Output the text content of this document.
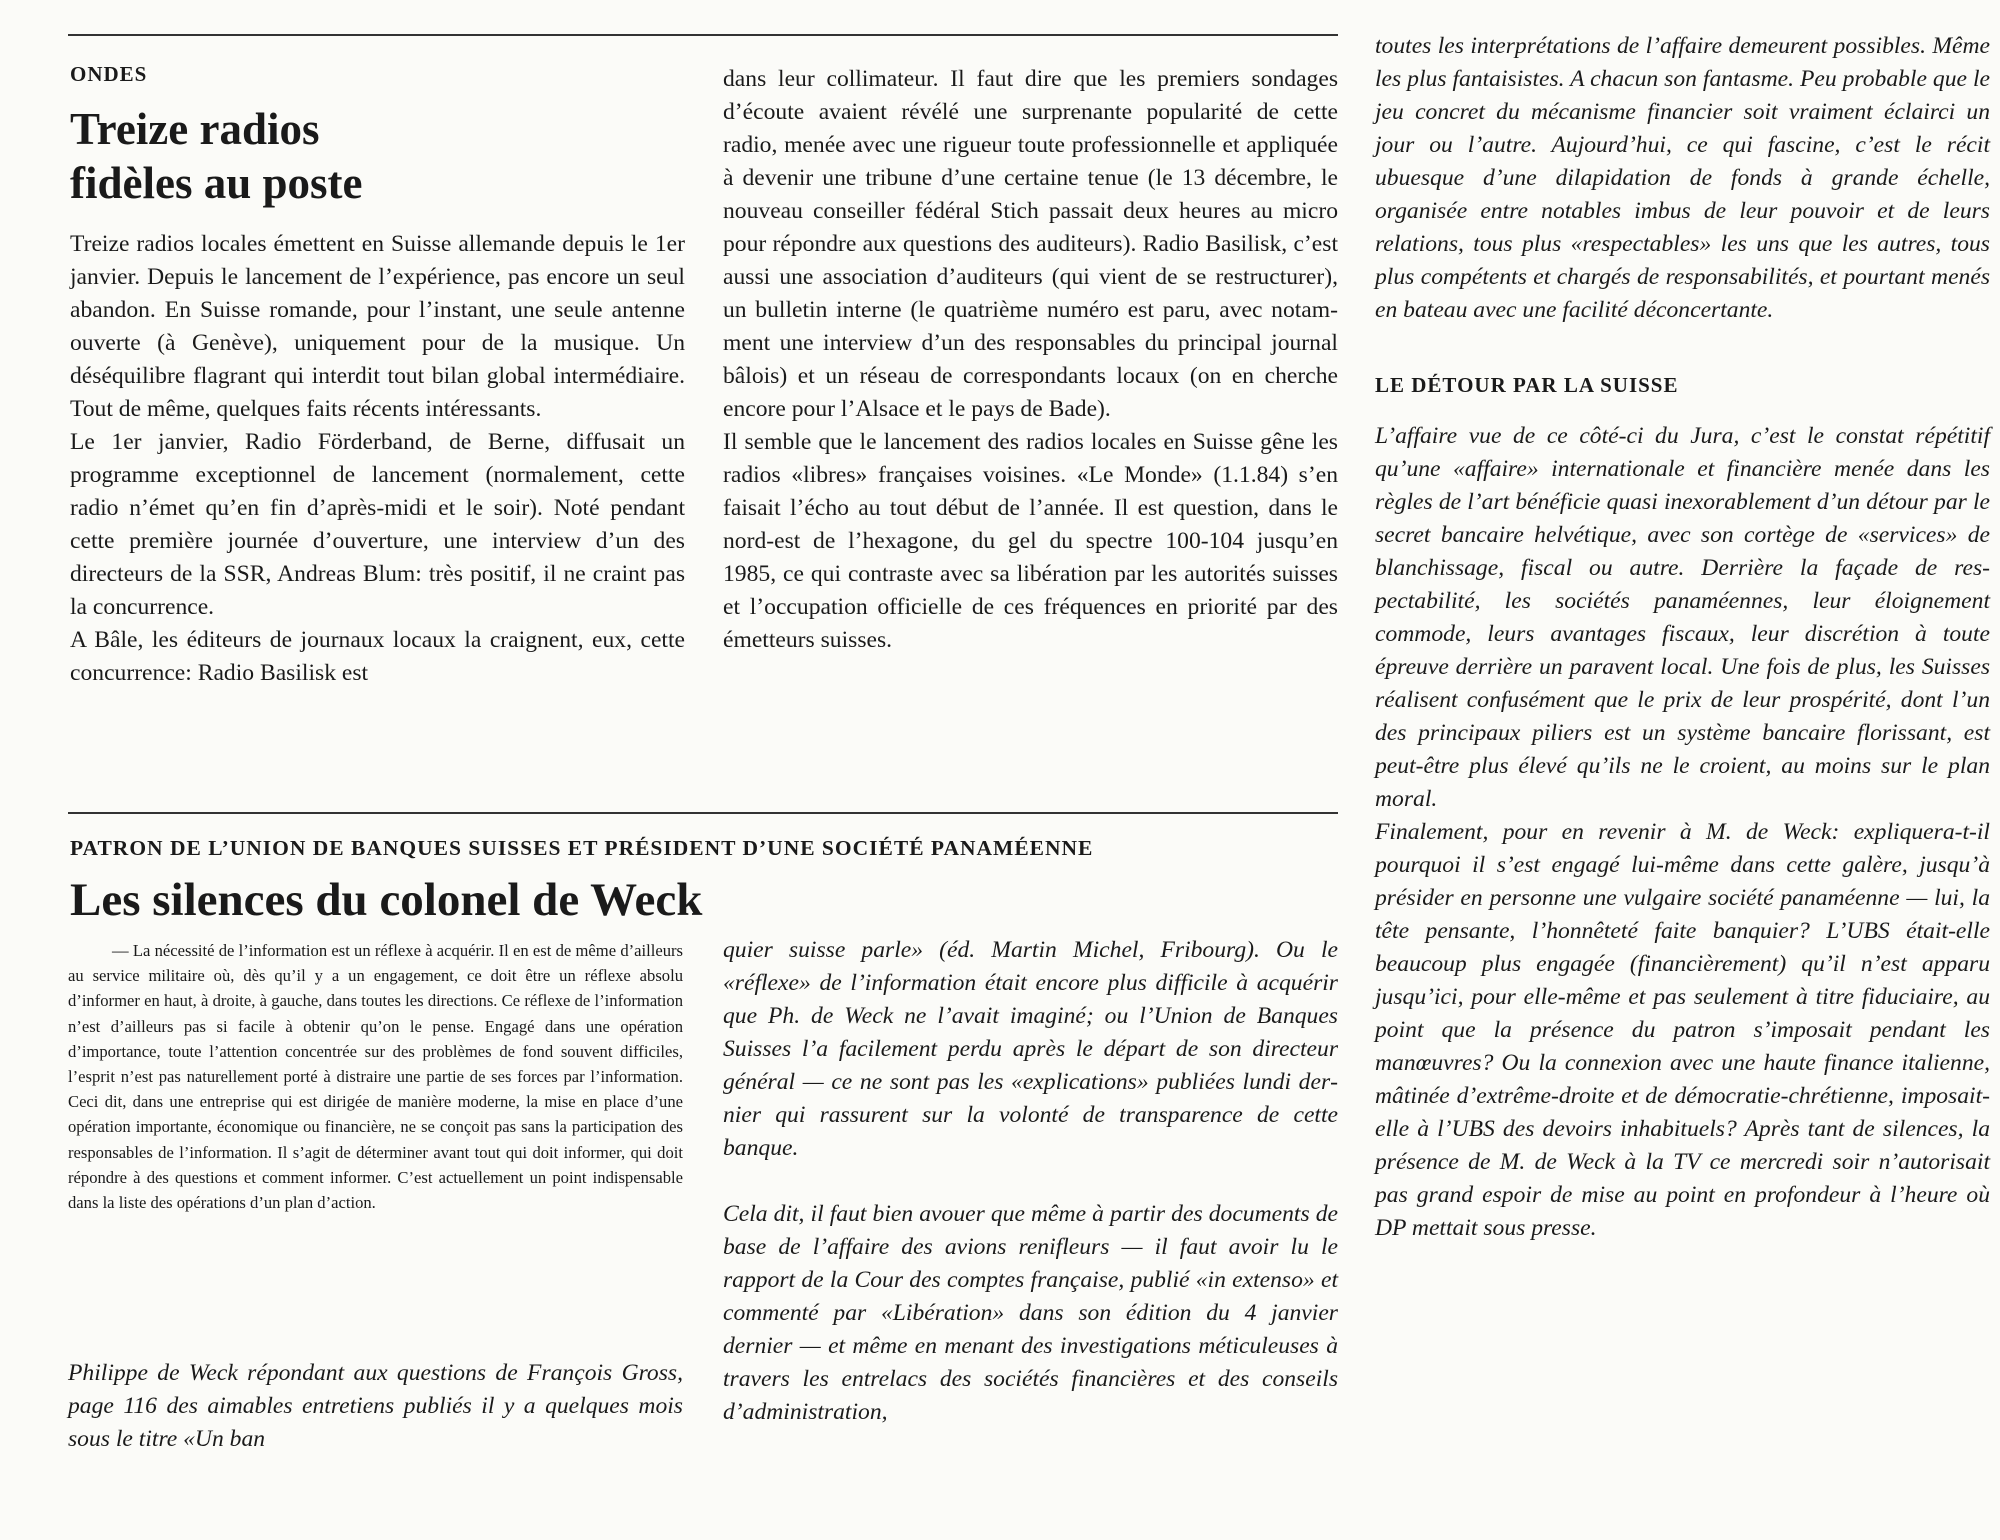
ONDES
Treize radios
fidèles au poste

Treize radios locales émettent en Suisse allemande depuis le 1er janvier. Depuis le lancement de l’expérience, pas encore un seul abandon. En Suisse romande, pour l’instant, une seule antenne ouverte (à Genève), uniquement pour de la musique. Un déséquilibre flagrant qui interdit tout bilan global intermédiaire. Tout de même, quelques faits récents intéressants.

Le 1er janvier, Radio Förderband, de Berne, diffusait un programme exceptionnel de lancement (normalement, cette radio n’émet qu’en fin d’après-midi et le soir). Noté pendant cette première journée d’ouverture, une interview d’un des directeurs de la SSR, Andreas Blum: très positif, il ne craint pas la concurrence.

A Bâle, les éditeurs de journaux locaux la craignent, eux, cette concurrence: Radio Basilisk est

dans leur collimateur. Il faut dire que les premiers sondages d’écoute avaient révélé une surprenante popularité de cette radio, menée avec une rigueur toute professionnelle et appliquée à devenir une tribune d’une certaine tenue (le 13 décembre, le nouveau conseiller fédéral Stich passait deux heures au micro pour répondre aux questions des auditeurs). Radio Basilisk, c’est aussi une association d’auditeurs (qui vient de se restructurer), un bulletin interne (le quatrième numéro est paru, avec notamment une interview d’un des responsables du principal journal bâlois) et un réseau de correspondants locaux (on en cherche encore pour l’Alsace et le pays de Bade).

Il semble que le lancement des radios locales en Suisse gêne les radios «libres» françaises voisines. «Le Monde» (1.1.84) s’en faisait l’écho au tout début de l’année. Il est question, dans le nord-est de l’hexagone, du gel du spectre 100-104 jusqu’en 1985, ce qui contraste avec sa libération par les autorités suisses et l’occupation officielle de ces fréquences en priorité par des émetteurs suisses.

PATRON DE L’UNION DE BANQUES SUISSES ET PRÉSIDENT D’UNE SOCIÉTÉ PANAMÉENNE
Les silences du colonel de Weck

— La nécessité de l’information est un réflexe à acquérir. Il en est de même d’ailleurs au service militaire où, dès qu’il y a un engagement, ce doit être un réflexe absolu d’informer en haut, à droite, à gauche, dans toutes les directions. Ce réflexe de l’information n’est d’ailleurs pas si facile à obtenir qu’on le pense. Engagé dans une opération d’importance, toute l’attention concentrée sur des problèmes de fond souvent difficiles, l’esprit n’est pas naturellement porté à distraire une partie de ses forces par l’information. Ceci dit, dans une entreprise qui est dirigée de manière moderne, la mise en place d’une opération importante, économique ou financière, ne se conçoit pas sans la participation des responsables de l’information. Il s’agit de déterminer avant tout qui doit informer, qui doit répondre à des questions et comment informer. C’est actuellement un point indispensable dans la liste des opérations d’un plan d’action.

Philippe de Weck répondant aux questions de François Gross, page 116 des aimables entretiens publiés il y a quelques mois sous le titre «Un ban

quier suisse parle» (éd. Martin Michel, Fribourg). Ou le «réflexe» de l’information était encore plus difficile à acquérir que Ph. de Weck ne l’avait imaginé; ou l’Union de Banques Suisses l’a facilement perdu après le départ de son directeur général — ce ne sont pas les «explications» publiées lundi dernier qui rassurent sur la volonté de transparence de cette banque.

Cela dit, il faut bien avouer que même à partir des documents de base de l’affaire des avions renifleurs — il faut avoir lu le rapport de la Cour des comptes française, publié «in extenso» et commenté par «Libération» dans son édition du 4 janvier dernier — et même en menant des investigations méticuleuses à travers les entrelacs des sociétés financières et des conseils d’administration,

toutes les interprétations de l’affaire demeurent possibles. Même les plus fantaisistes. A chacun son fantasme. Peu probable que le jeu concret du mécanisme financier soit vraiment éclairci un jour ou l’autre. Aujourd’hui, ce qui fascine, c’est le récit ubuesque d’une dilapidation de fonds à grande échelle, organisée entre notables imbus de leur pouvoir et de leurs relations, tous plus «respectables» les uns que les autres, tous plus compétents et chargés de responsabilités, et pourtant menés en bateau avec une facilité déconcertante.

LE DÉTOUR PAR LA SUISSE

L’affaire vue de ce côté-ci du Jura, c’est le constat répétitif qu’une «affaire» internationale et financière menée dans les règles de l’art bénéficie quasi inexorablement d’un détour par le secret bancaire helvétique, avec son cortège de «services» de blanchissage, fiscal ou autre. Derrière la façade de respectabilité, les sociétés panaméennes, leur éloignement commode, leurs avantages fiscaux, leur discrétion à toute épreuve derrière un paravent local. Une fois de plus, les Suisses réalisent confusément que le prix de leur prospérité, dont l’un des principaux piliers est un système bancaire florissant, est peut-être plus élevé qu’ils ne le croient, au moins sur le plan moral.

Finalement, pour en revenir à M. de Weck: expliquera-t-il pourquoi il s’est engagé lui-même dans cette galère, jusqu’à présider en personne une vulgaire société panaméenne — lui, la tête pensante, l’honnêteté faite banquier? L’UBS était-elle beaucoup plus engagée (financièrement) qu’il n’est apparu jusqu’ici, pour elle-même et pas seulement à titre fiduciaire, au point que la présence du patron s’imposait pendant les manœuvres? Ou la connexion avec une haute finance italienne, mâtinée d’extrême-droite et de démocratie-chrétienne, imposait-elle à l’UBS des devoirs inhabituels? Après tant de silences, la présence de M. de Weck à la TV ce mercredi soir n’autorisait pas grand espoir de mise au point en profondeur à l’heure où DP mettait sous presse.
